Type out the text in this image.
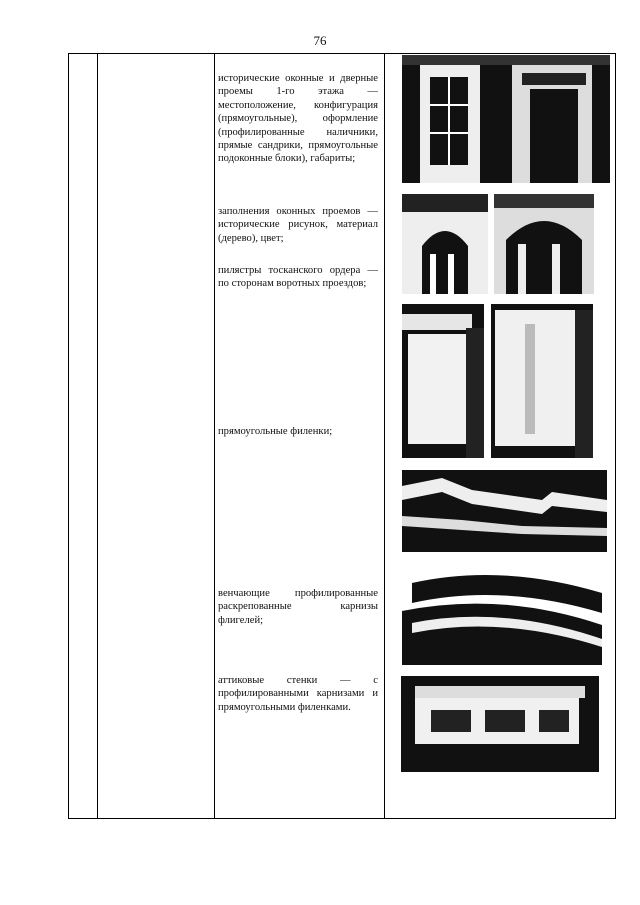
76

исторические оконные и дверные проемы 1-го этажа — местоположение, конфигурация (прямоугольные), оформление (профилированные наличники, прямые сандрики, прямоугольные подоконные блоки), габариты;

заполнения оконных проемов — исторические рисунок, материал (дерево), цвет;

пилястры тосканского ордера — по сторонам воротных проездов;

прямоугольные филенки;

венчающие профилированные раскрепованные карнизы флигелей;

аттиковые стенки — с профилированными карнизами и прямоугольными филенками.
